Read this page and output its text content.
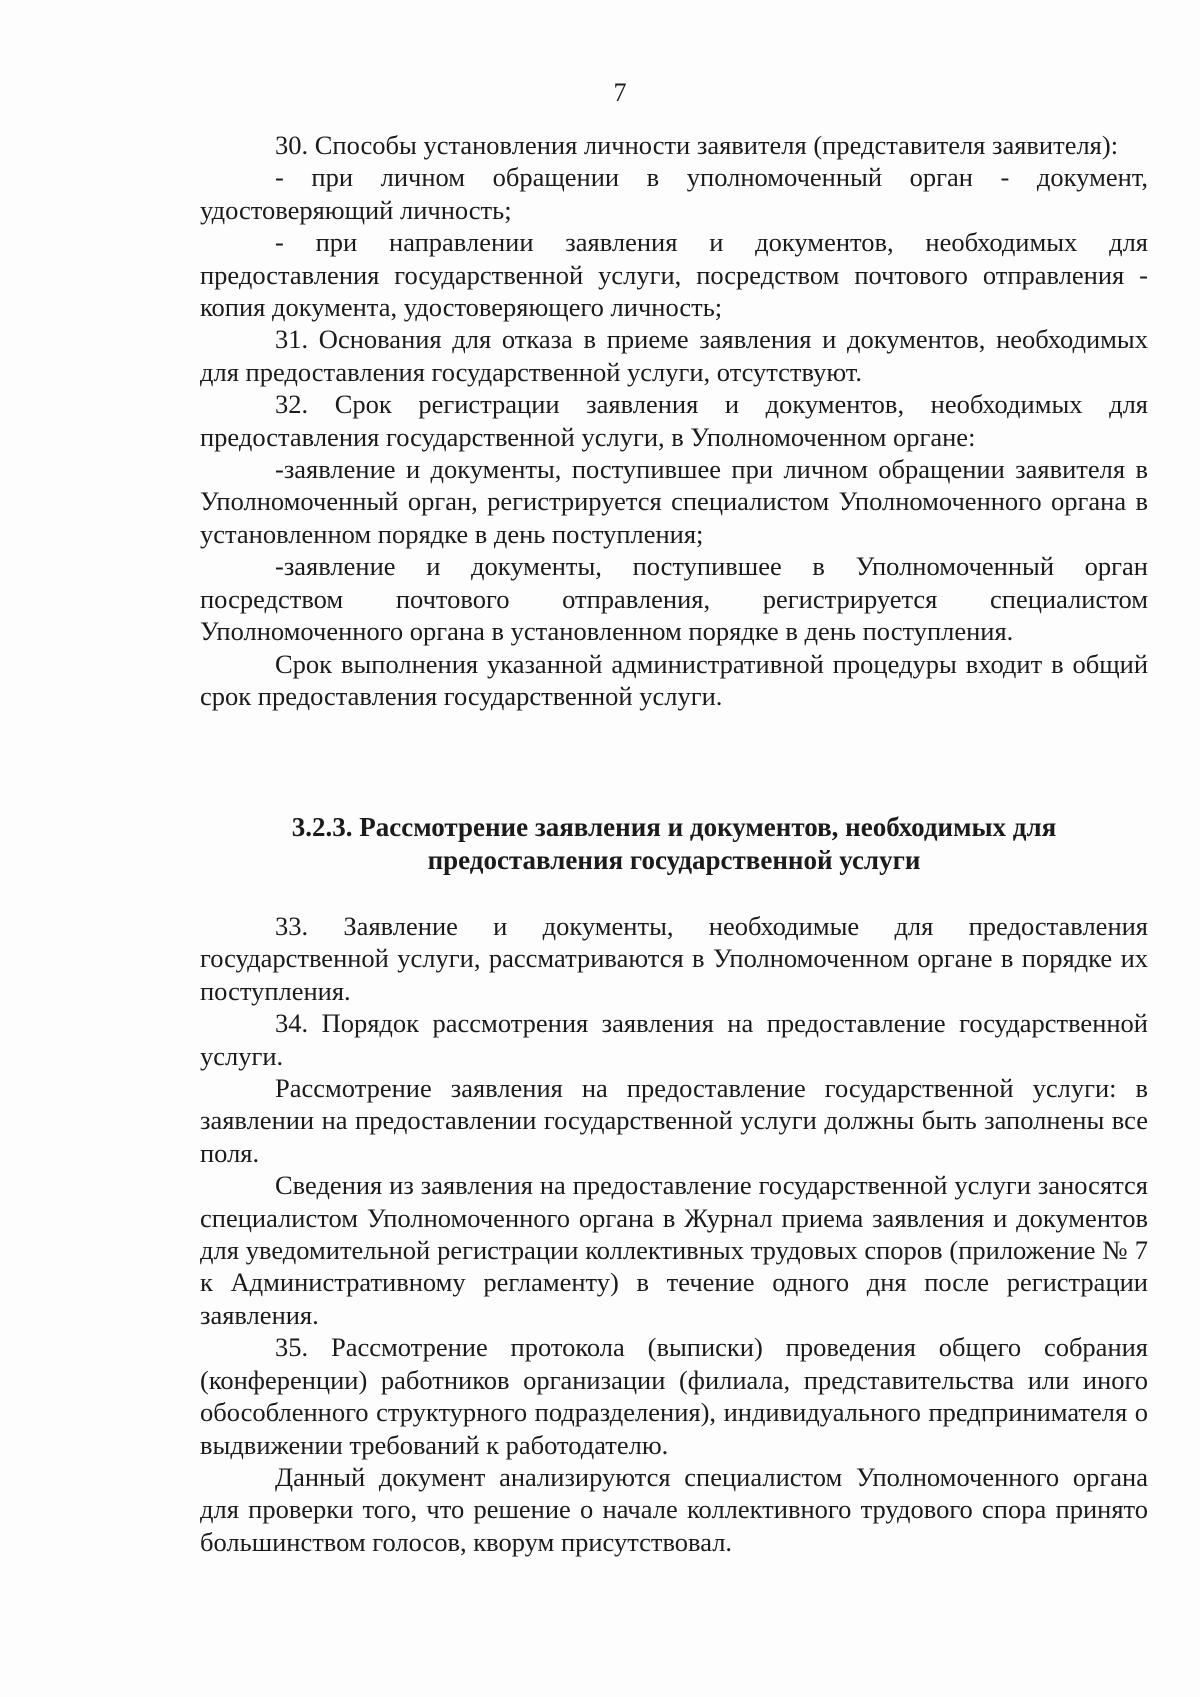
7

30. Способы установления личности заявителя (представителя заявителя):

- при личном обращении в уполномоченный орган - документ, удостоверяющий личность;

- при направлении заявления и документов, необходимых для предоставления государственной услуги, посредством почтового отправления - копия документа, удостоверяющего личность;

31. Основания для отказа в приеме заявления и документов, необходимых для предоставления государственной услуги, отсутствуют.

32. Срок регистрации заявления и документов, необходимых для предоставления государственной услуги, в Уполномоченном органе:

-заявление и документы, поступившее при личном обращении заявителя в Уполномоченный орган, регистрируется специалистом Уполномоченного органа в установленном порядке в день поступления;

-заявление и документы, поступившее в Уполномоченный орган посредством почтового отправления, регистрируется специалистом Уполномоченного органа в установленном порядке в день поступления.

Срок выполнения указанной административной процедуры входит в общий срок предоставления государственной услуги.

3.2.3. Рассмотрение заявления и документов, необходимых для
предоставления государственной услуги

33. Заявление и документы, необходимые для предоставления государственной услуги, рассматриваются в Уполномоченном органе в порядке их поступления.

34. Порядок рассмотрения заявления на предоставление государственной услуги.

Рассмотрение заявления на предоставление государственной услуги: в заявлении на предоставлении государственной услуги должны быть заполнены все поля.

Сведения из заявления на предоставление государственной услуги заносятся специалистом Уполномоченного органа в Журнал приема заявления и документов для уведомительной регистрации коллективных трудовых споров (приложение № 7 к Административному регламенту) в течение одного дня после регистрации заявления.

35. Рассмотрение протокола (выписки) проведения общего собрания (конференции) работников организации (филиала, представительства или иного обособленного структурного подразделения), индивидуального предпринимателя о выдвижении требований к работодателю.

Данный документ анализируются специалистом Уполномоченного органа для проверки того, что решение о начале коллективного трудового спора принято большинством голосов, кворум присутствовал.
